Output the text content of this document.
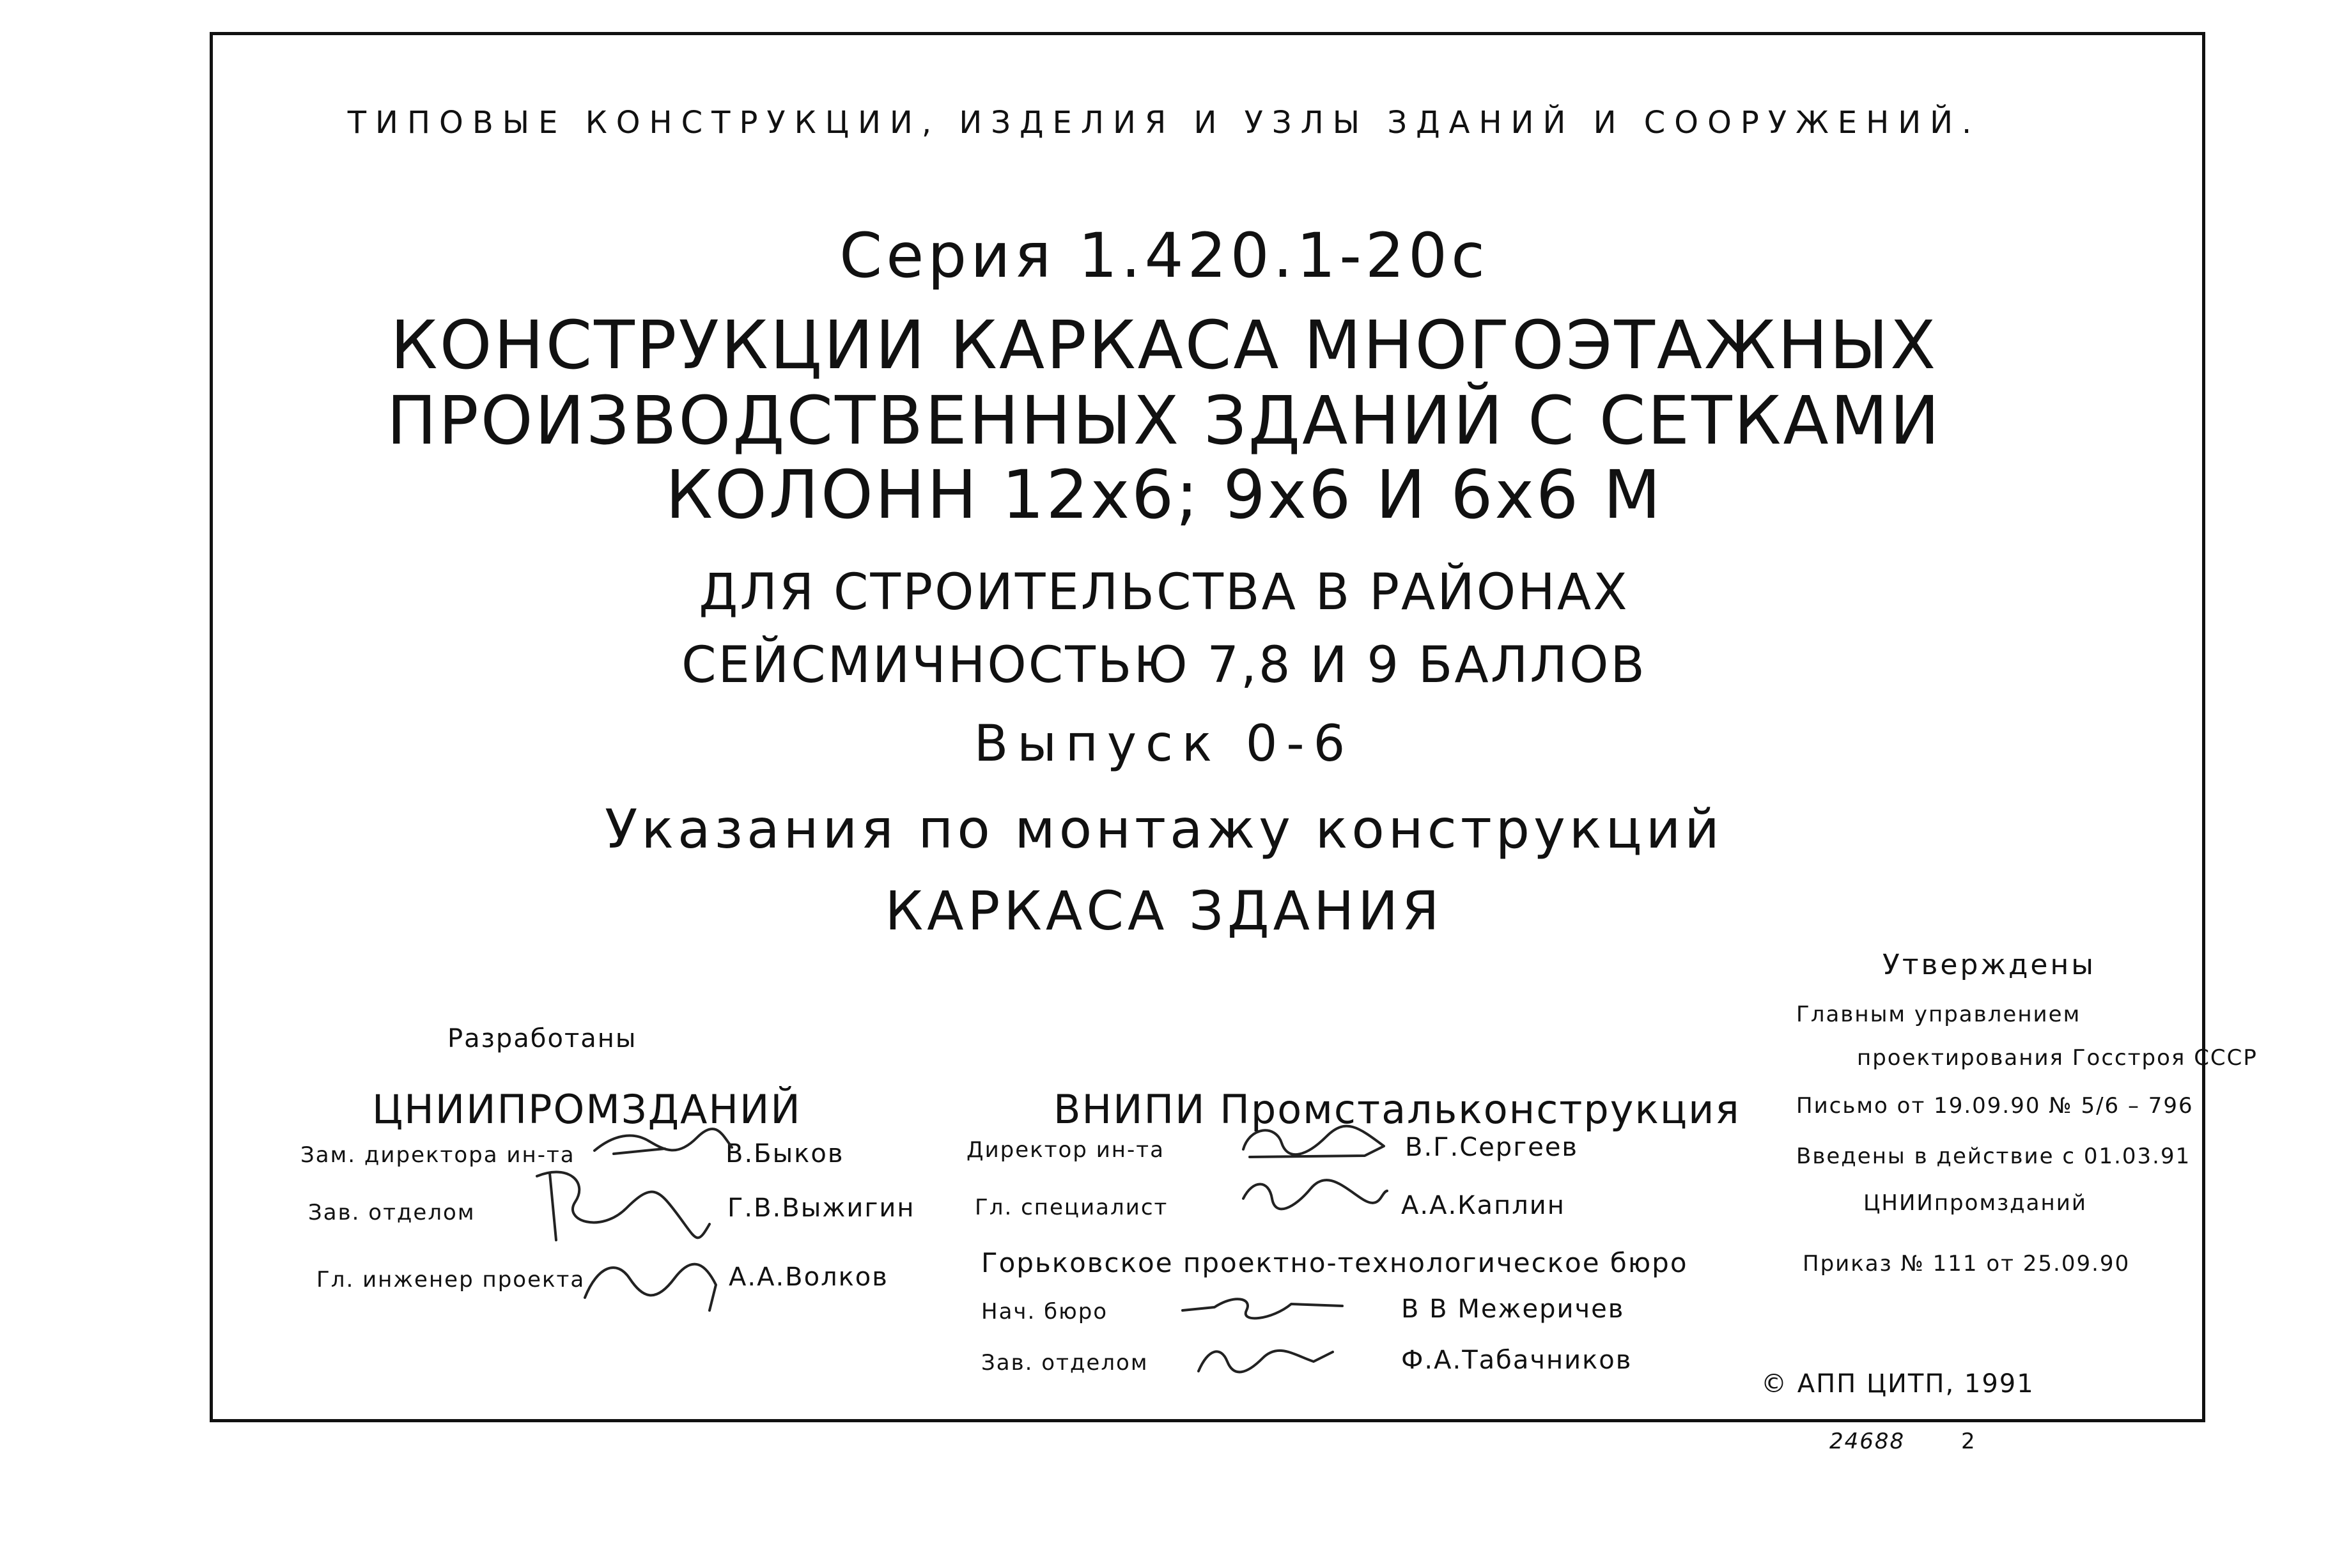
ТИПОВЫЕ КОНСТРУКЦИИ, ИЗДЕЛИЯ И УЗЛЫ ЗДАНИЙ И СООРУЖЕНИЙ.
Серия 1.420.1-20с
КОНСТРУКЦИИ КАРКАСА МНОГОЭТАЖНЫХ
ПРОИЗВОДСТВЕННЫХ ЗДАНИЙ С СЕТКАМИ
КОЛОНН 12x6; 9x6 И 6x6 М
ДЛЯ СТРОИТЕЛЬСТВА В РАЙОНАХ
СЕЙСМИЧНОСТЬЮ 7,8 И 9 БАЛЛОВ
Выпуск 0-6
Указания по монтажу конструкций
КАРКАСА ЗДАНИЯ
Разработаны
ЦНИИПРОМЗДАНИЙ
Зам. директора ин-та	В.Быков
Зав. отделом	Г.В.Выжигин
Гл. инженер проекта	А.А.Волков
ВНИПИ Промстальконструкция
Директор ин-та	В.Г.Сергеев
Гл. специалист	А.А.Каплин
Горьковское проектно-технологическое бюро
Нач. бюро	В В Межеричев
Зав. отделом	Ф.А.Табачников
Утверждены
Главным управлением
проектирования Госстроя СССР
Письмо от 19.09.90 № 5/6 – 796
Введены в действие с 01.03.91
ЦНИИпромзданий
Приказ № 111 от 25.09.90
© АПП ЦИТП, 1991
24688	2
